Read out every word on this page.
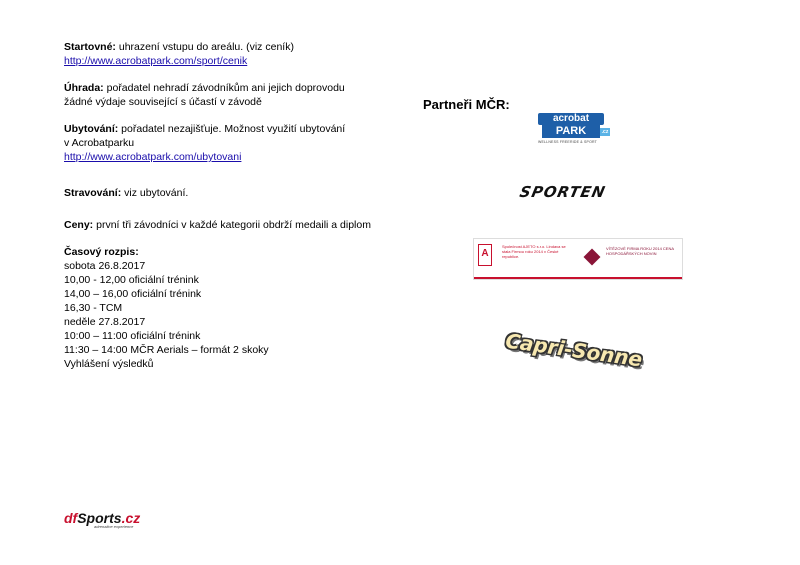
Startovné: uhrazení vstupu do areálu. (viz ceník)

http://www.acrobatpark.com/sport/cenik

Úhrada: pořadatel nehradí závodníkům ani jejich doprovodu

žádné výdaje související s účastí v závodě

Ubytování: pořadatel nezajišťuje. Možnost využití ubytování

v Acrobatparku

http://www.acrobatpark.com/ubytovani

Stravování: viz ubytování.

Ceny: první tři závodníci v každé kategorii obdrží medaili a diplom

Časový rozpis:

sobota 26.8.2017

10,00 - 12,00 oficiální trénink

14,00 – 16,00 oficiální trénink

16,30 - TCM

neděle 27.8.2017

10:00 – 11:00 oficiální trénink

11:30 – 14:00 MČR Aerials – formát 2 skoky

Vyhlášení výsledků

Partneři MČR:
acrobat
PARK	.cz
WELLNESS FREERIDE & SPORT
SPORTEN
A
Společnost AJETO s.r.o. Lindava se stala Firmou roku 2014 v České republice.
VÍTĚZOVÉ FIRMA ROKU 2014 CENA HOSPODÁŘSKÝCH NOVIN
Capri-Sonne
dfSports.cz
adrenaline experience
